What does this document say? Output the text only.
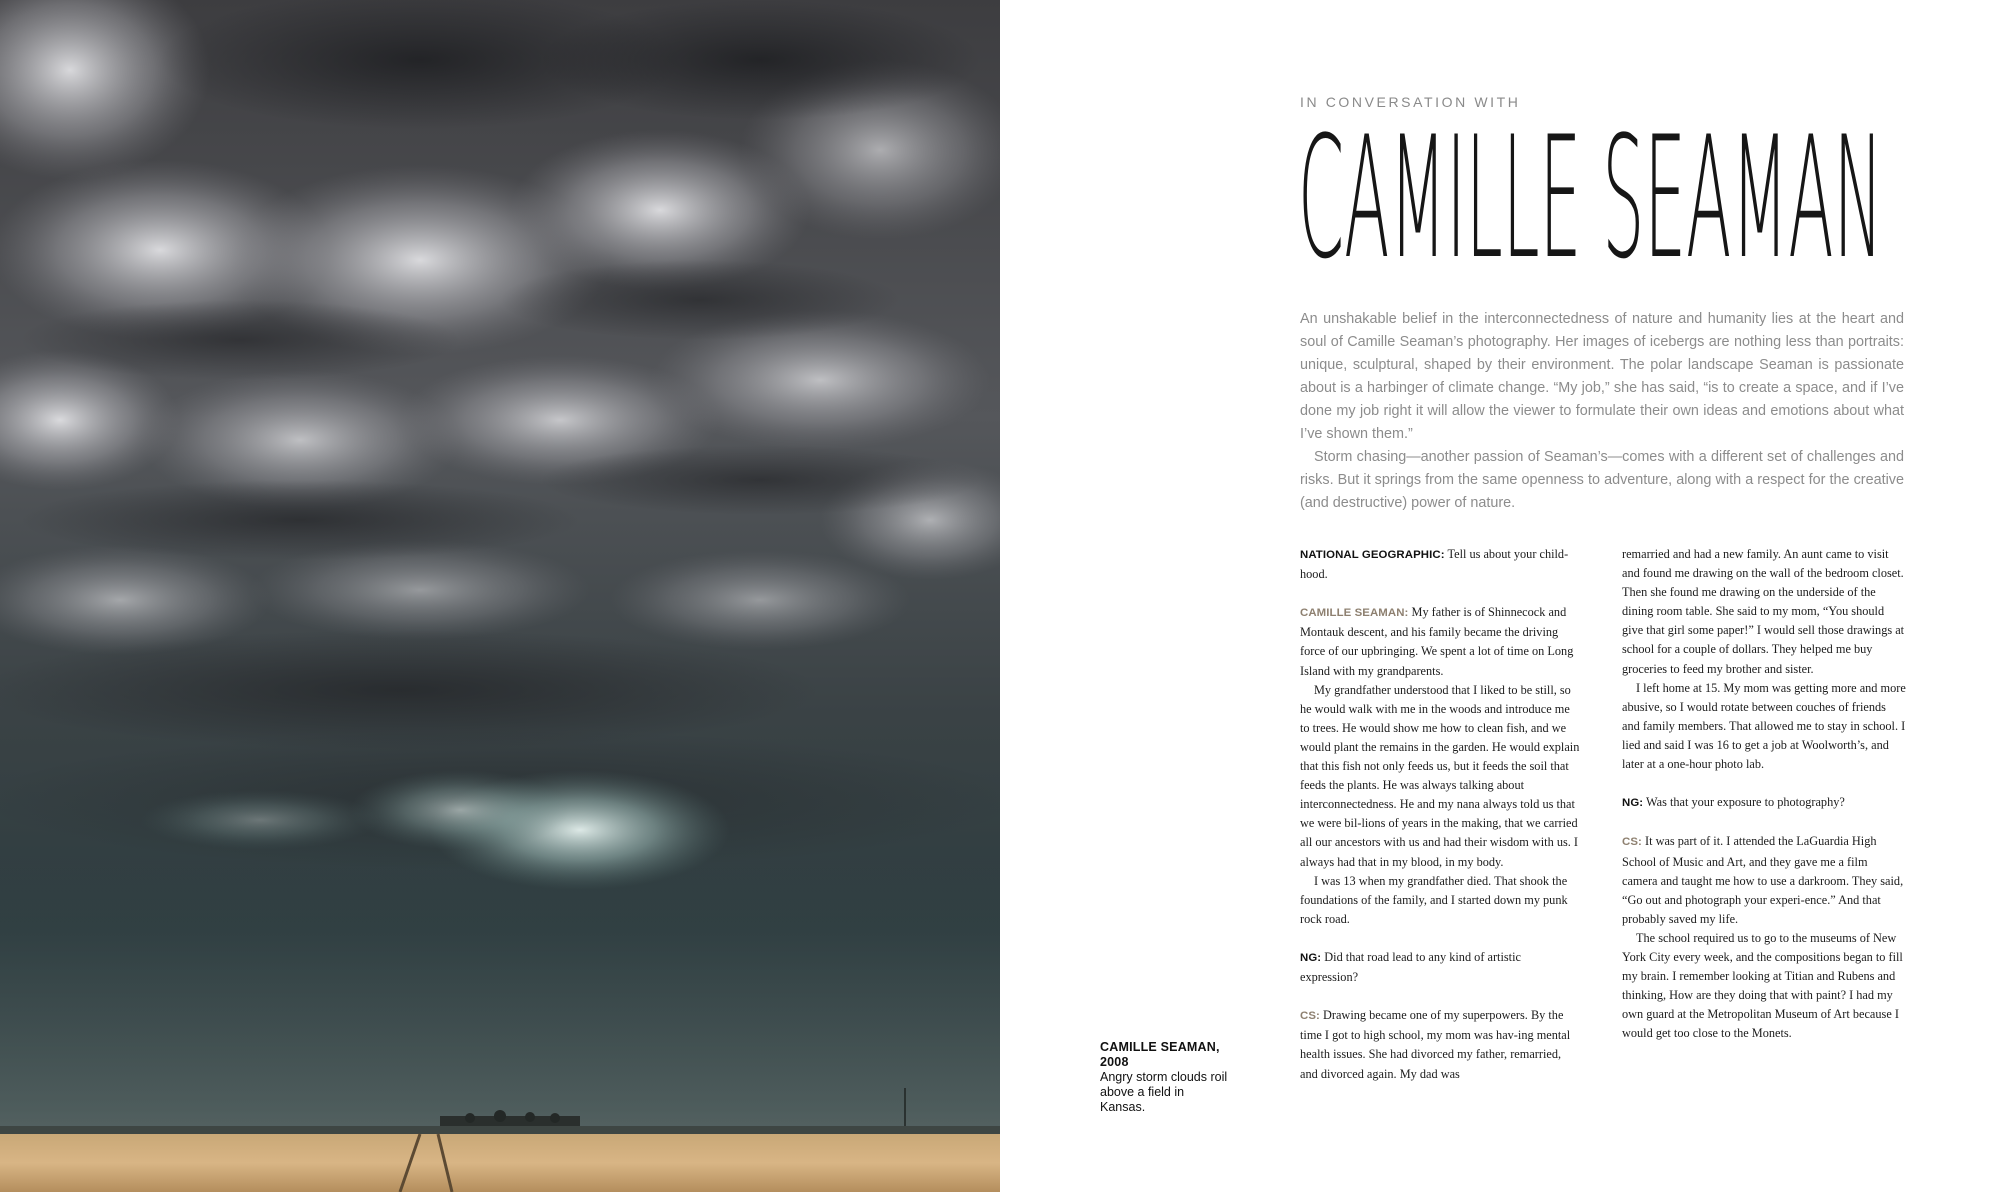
CAMILLE SEAMAN, 2008
Angry storm clouds roil above a field in Kansas.
IN CONVERSATION WITH
CAMILLE SEAMAN

An unshakable belief in the interconnectedness of nature and humanity lies at the heart and soul of Camille Seaman’s photography. Her images of icebergs are nothing less than portraits: unique, sculptural, shaped by their environment. The polar landscape Seaman is passionate about is a harbinger of climate change. “My job,” she has said, “is to create a space, and if I’ve done my job right it will allow the viewer to formulate their own ideas and emotions about what I’ve shown them.”

Storm chasing—another passion of Seaman’s—comes with a different set of challenges and risks. But it springs from the same openness to adventure, along with a respect for the creative (and destructive) power of nature.

NATIONAL GEOGRAPHIC: Tell us about your child-hood.

CAMILLE SEAMAN: My father is of Shinnecock and Montauk descent, and his family became the driving force of our upbringing. We spent a lot of time on Long Island with my grandparents.

My grandfather understood that I liked to be still, so he would walk with me in the woods and introduce me to trees. He would show me how to clean fish, and we would plant the remains in the garden. He would explain that this fish not only feeds us, but it feeds the soil that feeds the plants. He was always talking about interconnectedness. He and my nana always told us that we were bil-lions of years in the making, that we carried all our ancestors with us and had their wisdom with us. I always had that in my blood, in my body.

I was 13 when my grandfather died. That shook the foundations of the family, and I started down my punk rock road.

NG: Did that road lead to any kind of artistic expression?

CS: Drawing became one of my superpowers. By the time I got to high school, my mom was hav-ing mental health issues. She had divorced my father, remarried, and divorced again. My dad was

remarried and had a new family. An aunt came to visit and found me drawing on the wall of the bedroom closet. Then she found me drawing on the underside of the dining room table. She said to my mom, “You should give that girl some paper!” I would sell those drawings at school for a couple of dollars. They helped me buy groceries to feed my brother and sister.

I left home at 15. My mom was getting more and more abusive, so I would rotate between couches of friends and family members. That allowed me to stay in school. I lied and said I was 16 to get a job at Woolworth’s, and later at a one-hour photo lab.

NG: Was that your exposure to photography?

CS: It was part of it. I attended the LaGuardia High School of Music and Art, and they gave me a film camera and taught me how to use a darkroom. They said, “Go out and photograph your experi-ence.” And that probably saved my life.

The school required us to go to the museums of New York City every week, and the compositions began to fill my brain. I remember looking at Titian and Rubens and thinking, How are they doing that with paint? I had my own guard at the Metropolitan Museum of Art because I would get too close to the Monets.
